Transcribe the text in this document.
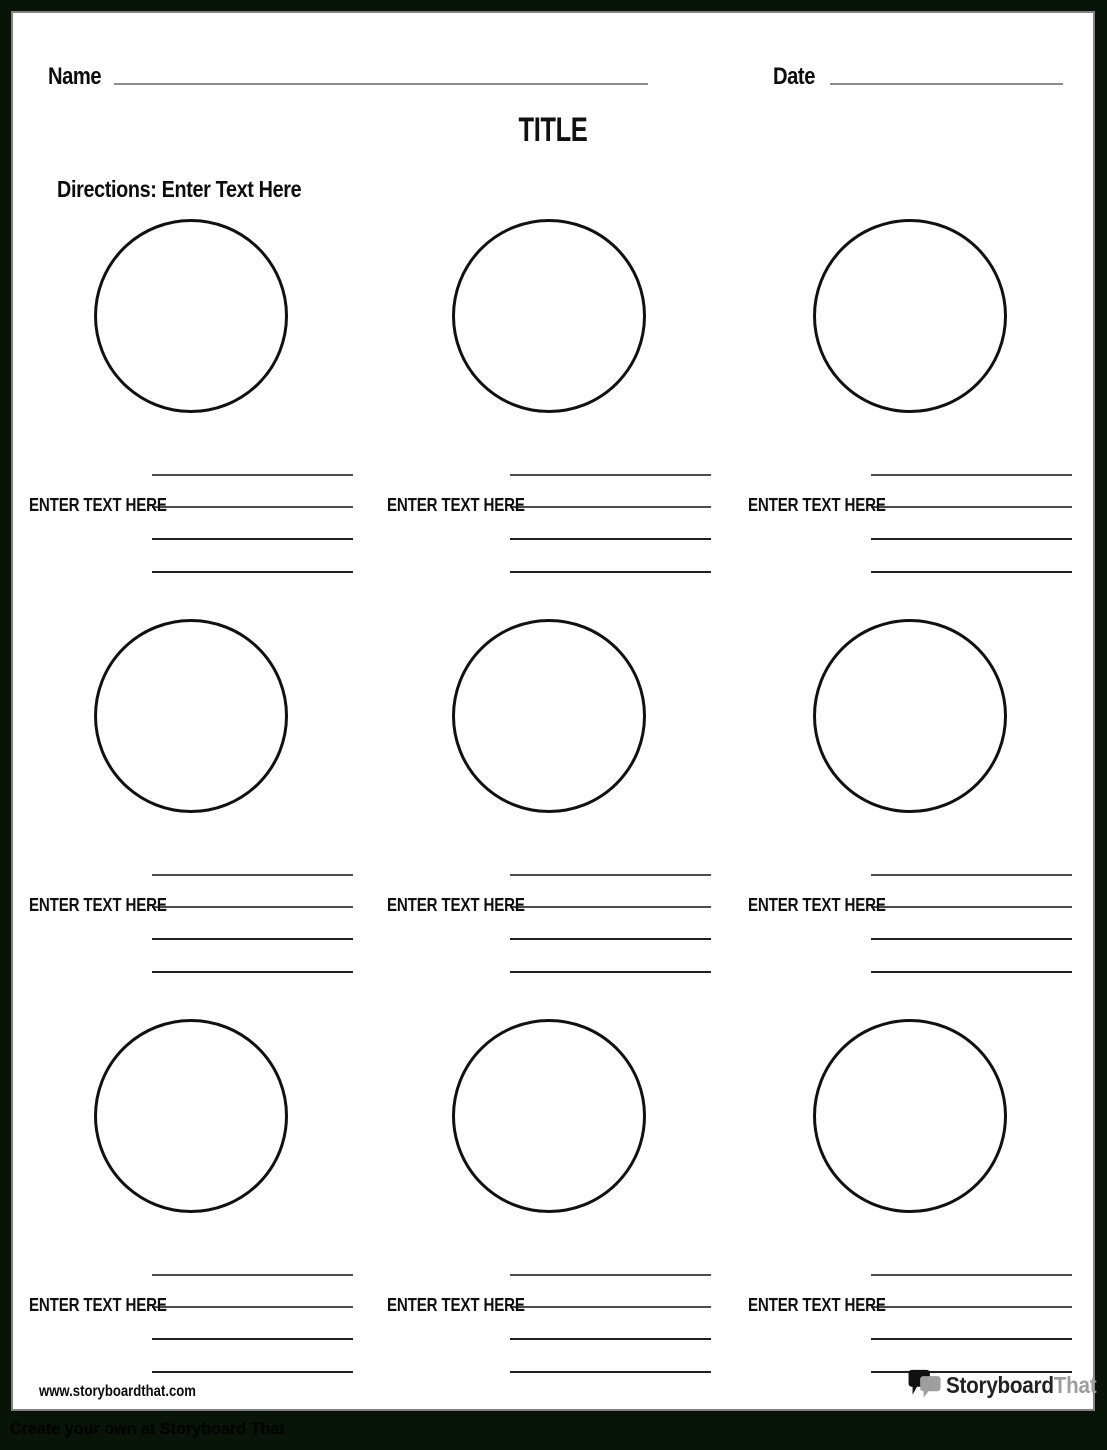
Name	Date
TITLE
Directions: Enter Text Here
ENTER TEXT HERE	ENTER TEXT HERE	ENTER TEXT HERE
ENTER TEXT HERE	ENTER TEXT HERE	ENTER TEXT HERE
ENTER TEXT HERE	ENTER TEXT HERE	ENTER TEXT HERE
www.storyboardthat.com	StoryboardThat
Create your own at Storyboard That
